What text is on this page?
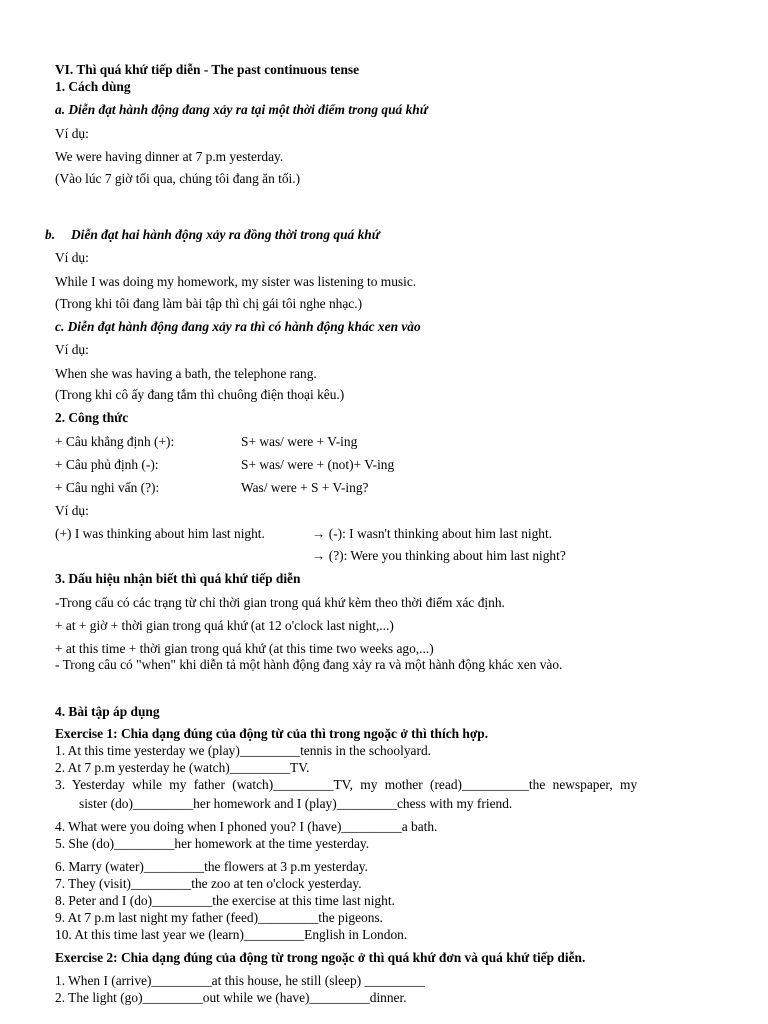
VI. Thì quá khứ tiếp diễn - The past continuous tense
1. Cách dùng
a. Diễn đạt hành động đang xảy ra tại một thời điểm trong quá khứ
Ví dụ:
We were having dinner at 7 p.m yesterday.
(Vào lúc 7 giờ tối qua, chúng tôi đang ăn tối.)
b. Diễn đạt hai hành động xảy ra đồng thời trong quá khứ
Ví dụ:
While I was doing my homework, my sister was listening to music.
(Trong khi tôi đang làm bài tập thì chị gái tôi nghe nhạc.)
c. Diễn đạt hành động đang xảy ra thì có hành động khác xen vào
Ví dụ:
When she was having a bath, the telephone rang.
(Trong khi cô ấy đang tắm thì chuông điện thoại kêu.)
2. Công thức
+ Câu khẳng định (+):	S+ was/ were + V-ing
+ Câu phủ định (-):	S+ was/ were + (not)+ V-ing
+ Câu nghi vấn (?):	Was/ were + S + V-ing?
Ví dụ:
(+) I was thinking about him last night.	→ (-): I wasn't thinking about him last night.
→ (?): Were you thinking about him last night?
3. Dấu hiệu nhận biết thì quá khứ tiếp diễn
-Trong cấu có các trạng từ chỉ thời gian trong quá khứ kèm theo thời điểm xác định.
+ at + giờ + thời gian trong quá khứ (at 12 o'clock last night,...)
+ at this time + thời gian trong quá khứ (at this time two weeks ago,...)
- Trong câu có "when" khi diễn tả một hành động đang xảy ra và một hành động khác xen vào.
4. Bài tập áp dụng
Exercise 1: Chia dạng đúng của động từ của thì trong ngoặc ở thì thích hợp.
1. At this time yesterday we (play)_________tennis in the schoolyard.
2. At 7 p.m yesterday he (watch)_________TV.
3. Yesterday while my father (watch)_________TV, my mother (read)__________the newspaper, my
sister (do)_________her homework and I (play)_________chess with my friend.
4. What were you doing when I phoned you? I (have)_________a bath.
5. She (do)_________her homework at the time yesterday.
6. Marry (water)_________the flowers at 3 p.m yesterday.
7. They (visit)_________the zoo at ten o'clock yesterday.
8. Peter and I (do)_________the exercise at this time last night.
9. At 7 p.m last night my father (feed)_________the pigeons.
10. At this time last year we (learn)_________English in London.
Exercise 2: Chia dạng đúng của động từ trong ngoặc ở thì quá khứ đơn và quá khứ tiếp diễn.
1. When I (arrive)_________at this house, he still (sleep) _________
2. The light (go)_________out while we (have)_________dinner.
